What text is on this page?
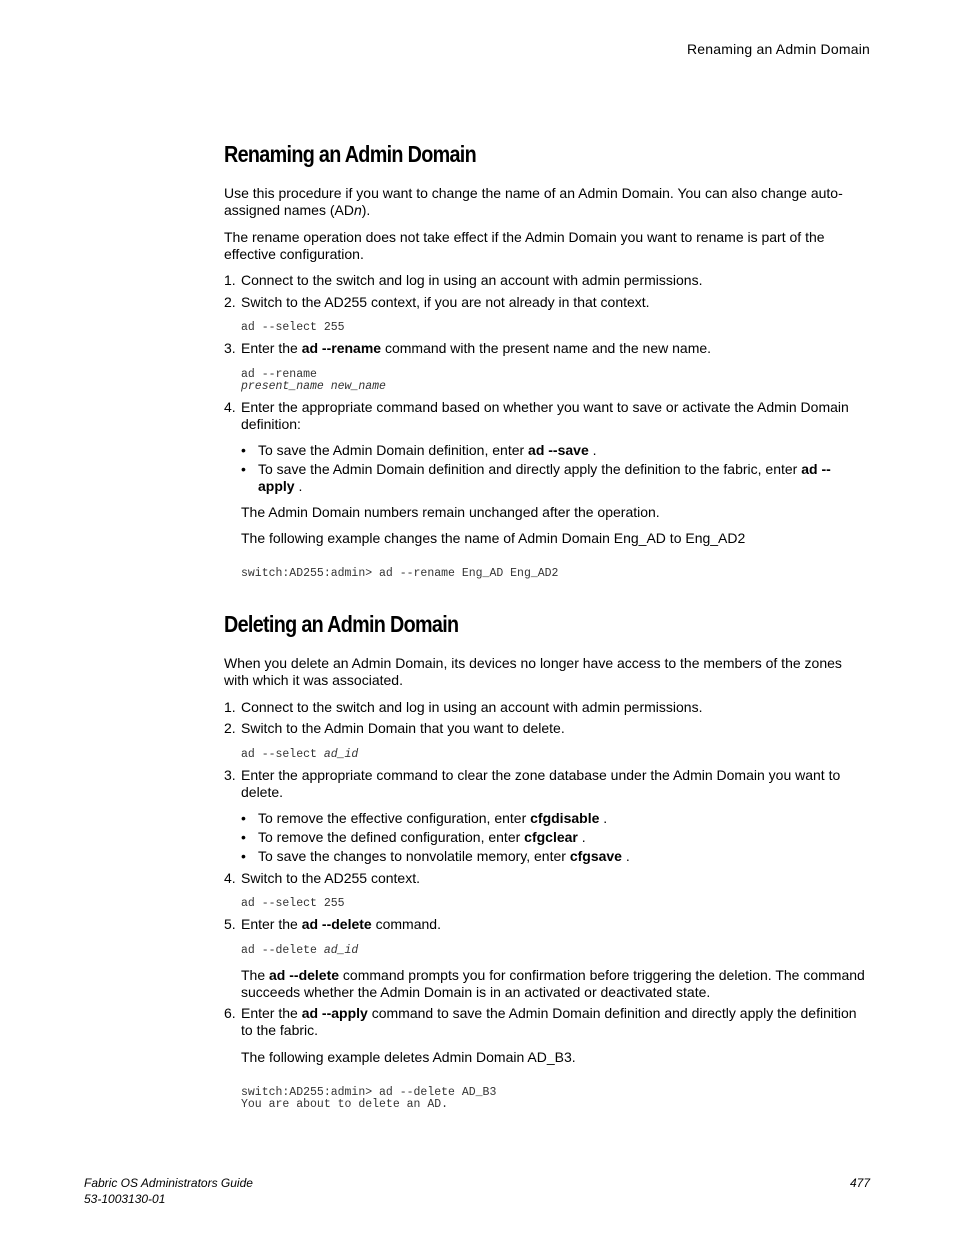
Renaming an Admin Domain
Renaming an Admin Domain

Use this procedure if you want to change the name of an Admin Domain. You can also change auto-assigned names (ADn).

The rename operation does not take effect if the Admin Domain you want to rename is part of the effective configuration.

1. Connect to the switch and log in using an account with admin permissions.
2. Switch to the AD255 context, if you are not already in that context.
ad --select 255
3. Enter the ad --rename command with the present name and the new name.
ad --rename
present_name new_name
4. Enter the appropriate command based on whether you want to save or activate the Admin Domain definition:
• To save the Admin Domain definition, enter ad --save .
• To save the Admin Domain definition and directly apply the definition to the fabric, enter ad --apply .
The Admin Domain numbers remain unchanged after the operation.
The following example changes the name of Admin Domain Eng_AD to Eng_AD2
switch:AD255:admin> ad --rename Eng_AD Eng_AD2
Deleting an Admin Domain

When you delete an Admin Domain, its devices no longer have access to the members of the zones with which it was associated.

1. Connect to the switch and log in using an account with admin permissions.
2. Switch to the Admin Domain that you want to delete.
ad --select ad_id
3. Enter the appropriate command to clear the zone database under the Admin Domain you want to delete.
• To remove the effective configuration, enter cfgdisable .
• To remove the defined configuration, enter cfgclear .
• To save the changes to nonvolatile memory, enter cfgsave .
4. Switch to the AD255 context.
ad --select 255
5. Enter the ad --delete command.
ad --delete ad_id
The ad --delete command prompts you for confirmation before triggering the deletion. The command succeeds whether the Admin Domain is in an activated or deactivated state.
6. Enter the ad --apply command to save the Admin Domain definition and directly apply the definition to the fabric.
The following example deletes Admin Domain AD_B3.
switch:AD255:admin> ad --delete AD_B3
You are about to delete an AD.
Fabric OS Administrators Guide
53-1003130-01
477
